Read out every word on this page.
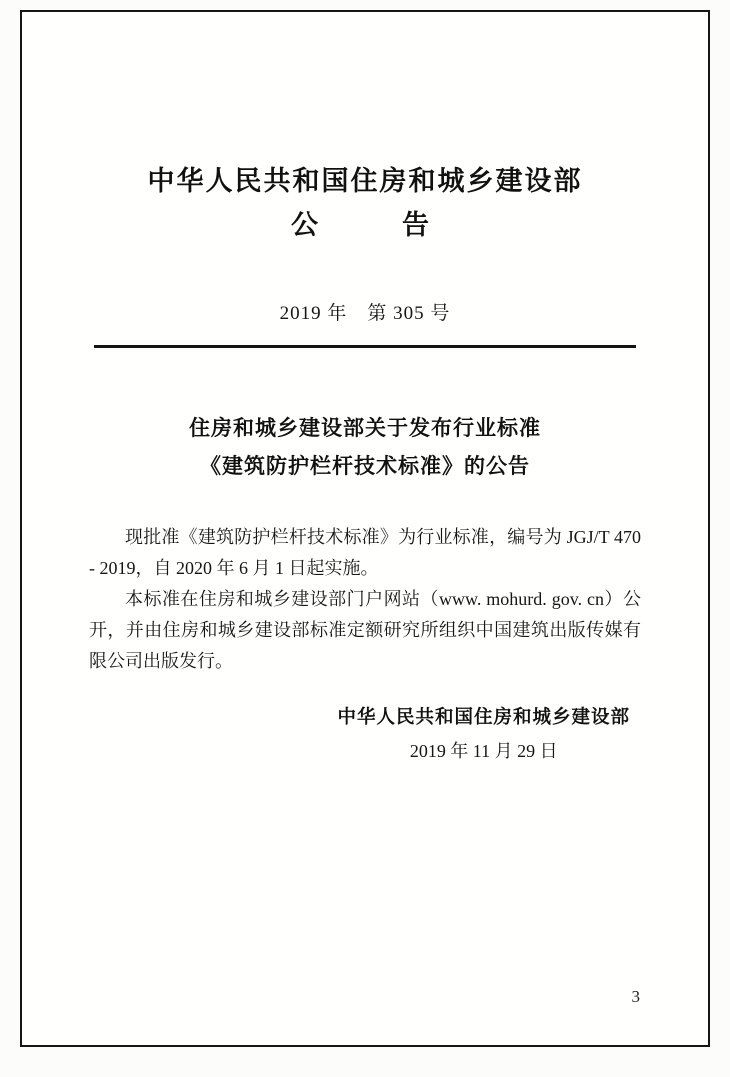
中华人民共和国住房和城乡建设部
公　　告
2019 年　第 305 号
住房和城乡建设部关于发布行业标准
《建筑防护栏杆技术标准》的公告

现批准《建筑防护栏杆技术标准》为行业标准，编号为 JGJ/T 470 - 2019，自 2020 年 6 月 1 日起实施。

本标准在住房和城乡建设部门户网站（www. mohurd. gov. cn）公开，并由住房和城乡建设部标准定额研究所组织中国建筑出版传媒有限公司出版发行。

中华人民共和国住房和城乡建设部
2019 年 11 月 29 日
3
